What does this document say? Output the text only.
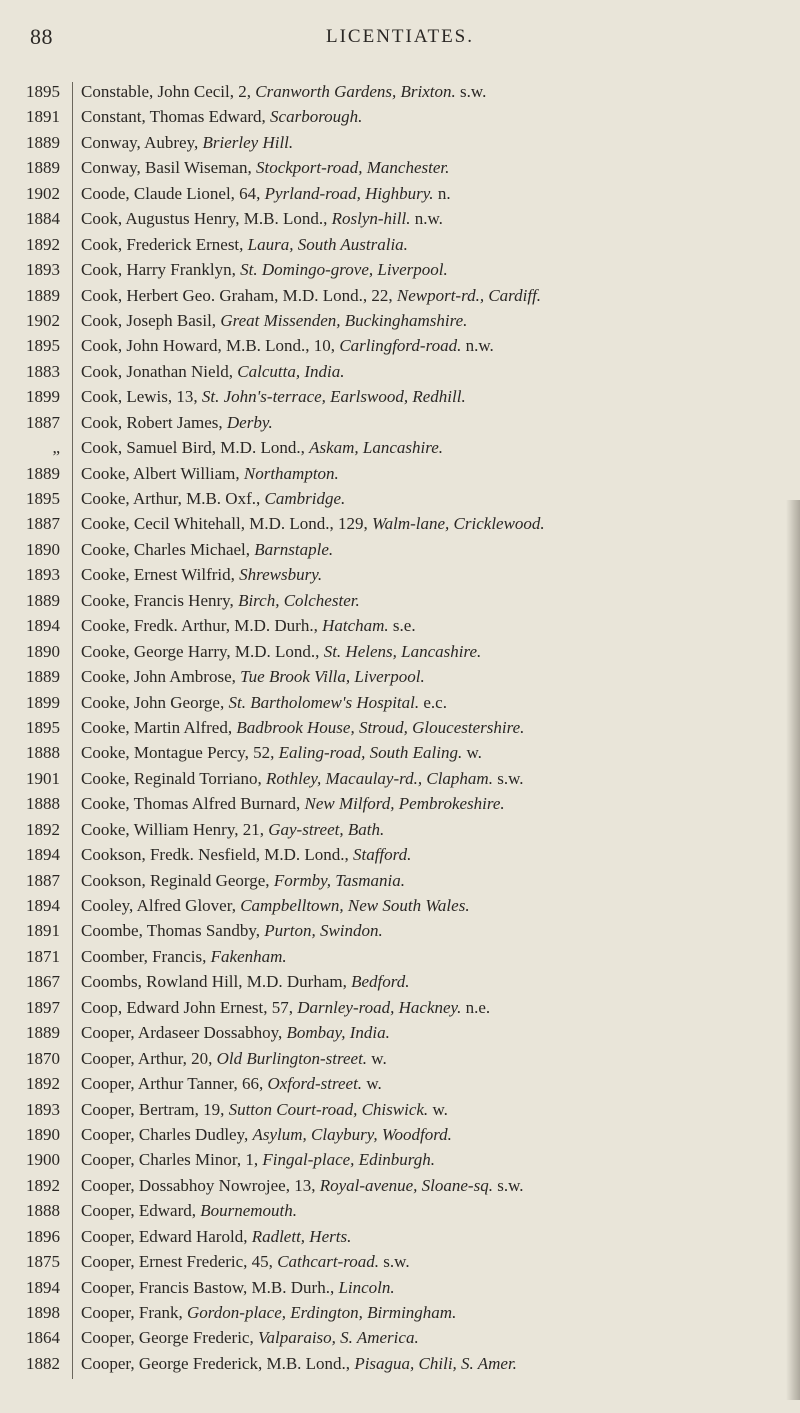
88	LICENTIATES.
1895	Constable, John Cecil, 2, Cranworth Gardens, Brixton. s.w.
1891	Constant, Thomas Edward, Scarborough.
1889	Conway, Aubrey, Brierley Hill.
1889	Conway, Basil Wiseman, Stockport-road, Manchester.
1902	Coode, Claude Lionel, 64, Pyrland-road, Highbury. n.
1884	Cook, Augustus Henry, M.B. Lond., Roslyn-hill. n.w.
1892	Cook, Frederick Ernest, Laura, South Australia.
1893	Cook, Harry Franklyn, St. Domingo-grove, Liverpool.
1889	Cook, Herbert Geo. Graham, M.D. Lond., 22, Newport-rd., Cardiff.
1902	Cook, Joseph Basil, Great Missenden, Buckinghamshire.
1895	Cook, John Howard, M.B. Lond., 10, Carlingford-road. n.w.
1883	Cook, Jonathan Nield, Calcutta, India.
1899	Cook, Lewis, 13, St. John's-terrace, Earlswood, Redhill.
1887	Cook, Robert James, Derby.
„	Cook, Samuel Bird, M.D. Lond., Askam, Lancashire.
1889	Cooke, Albert William, Northampton.
1895	Cooke, Arthur, M.B. Oxf., Cambridge.
1887	Cooke, Cecil Whitehall, M.D. Lond., 129, Walm-lane, Cricklewood.
1890	Cooke, Charles Michael, Barnstaple.
1893	Cooke, Ernest Wilfrid, Shrewsbury.
1889	Cooke, Francis Henry, Birch, Colchester.
1894	Cooke, Fredk. Arthur, M.D. Durh., Hatcham. s.e.
1890	Cooke, George Harry, M.D. Lond., St. Helens, Lancashire.
1889	Cooke, John Ambrose, Tue Brook Villa, Liverpool.
1899	Cooke, John George, St. Bartholomew's Hospital. e.c.
1895	Cooke, Martin Alfred, Badbrook House, Stroud, Gloucestershire.
1888	Cooke, Montague Percy, 52, Ealing-road, South Ealing. w.
1901	Cooke, Reginald Torriano, Rothley, Macaulay-rd., Clapham. s.w.
1888	Cooke, Thomas Alfred Burnard, New Milford, Pembrokeshire.
1892	Cooke, William Henry, 21, Gay-street, Bath.
1894	Cookson, Fredk. Nesfield, M.D. Lond., Stafford.
1887	Cookson, Reginald George, Formby, Tasmania.
1894	Cooley, Alfred Glover, Campbelltown, New South Wales.
1891	Coombe, Thomas Sandby, Purton, Swindon.
1871	Coomber, Francis, Fakenham.
1867	Coombs, Rowland Hill, M.D. Durham, Bedford.
1897	Coop, Edward John Ernest, 57, Darnley-road, Hackney. n.e.
1889	Cooper, Ardaseer Dossabhoy, Bombay, India.
1870	Cooper, Arthur, 20, Old Burlington-street. w.
1892	Cooper, Arthur Tanner, 66, Oxford-street. w.
1893	Cooper, Bertram, 19, Sutton Court-road, Chiswick. w.
1890	Cooper, Charles Dudley, Asylum, Claybury, Woodford.
1900	Cooper, Charles Minor, 1, Fingal-place, Edinburgh.
1892	Cooper, Dossabhoy Nowrojee, 13, Royal-avenue, Sloane-sq. s.w.
1888	Cooper, Edward, Bournemouth.
1896	Cooper, Edward Harold, Radlett, Herts.
1875	Cooper, Ernest Frederic, 45, Cathcart-road. s.w.
1894	Cooper, Francis Bastow, M.B. Durh., Lincoln.
1898	Cooper, Frank, Gordon-place, Erdington, Birmingham.
1864	Cooper, George Frederic, Valparaiso, S. America.
1882	Cooper, George Frederick, M.B. Lond., Pisagua, Chili, S. Amer.
